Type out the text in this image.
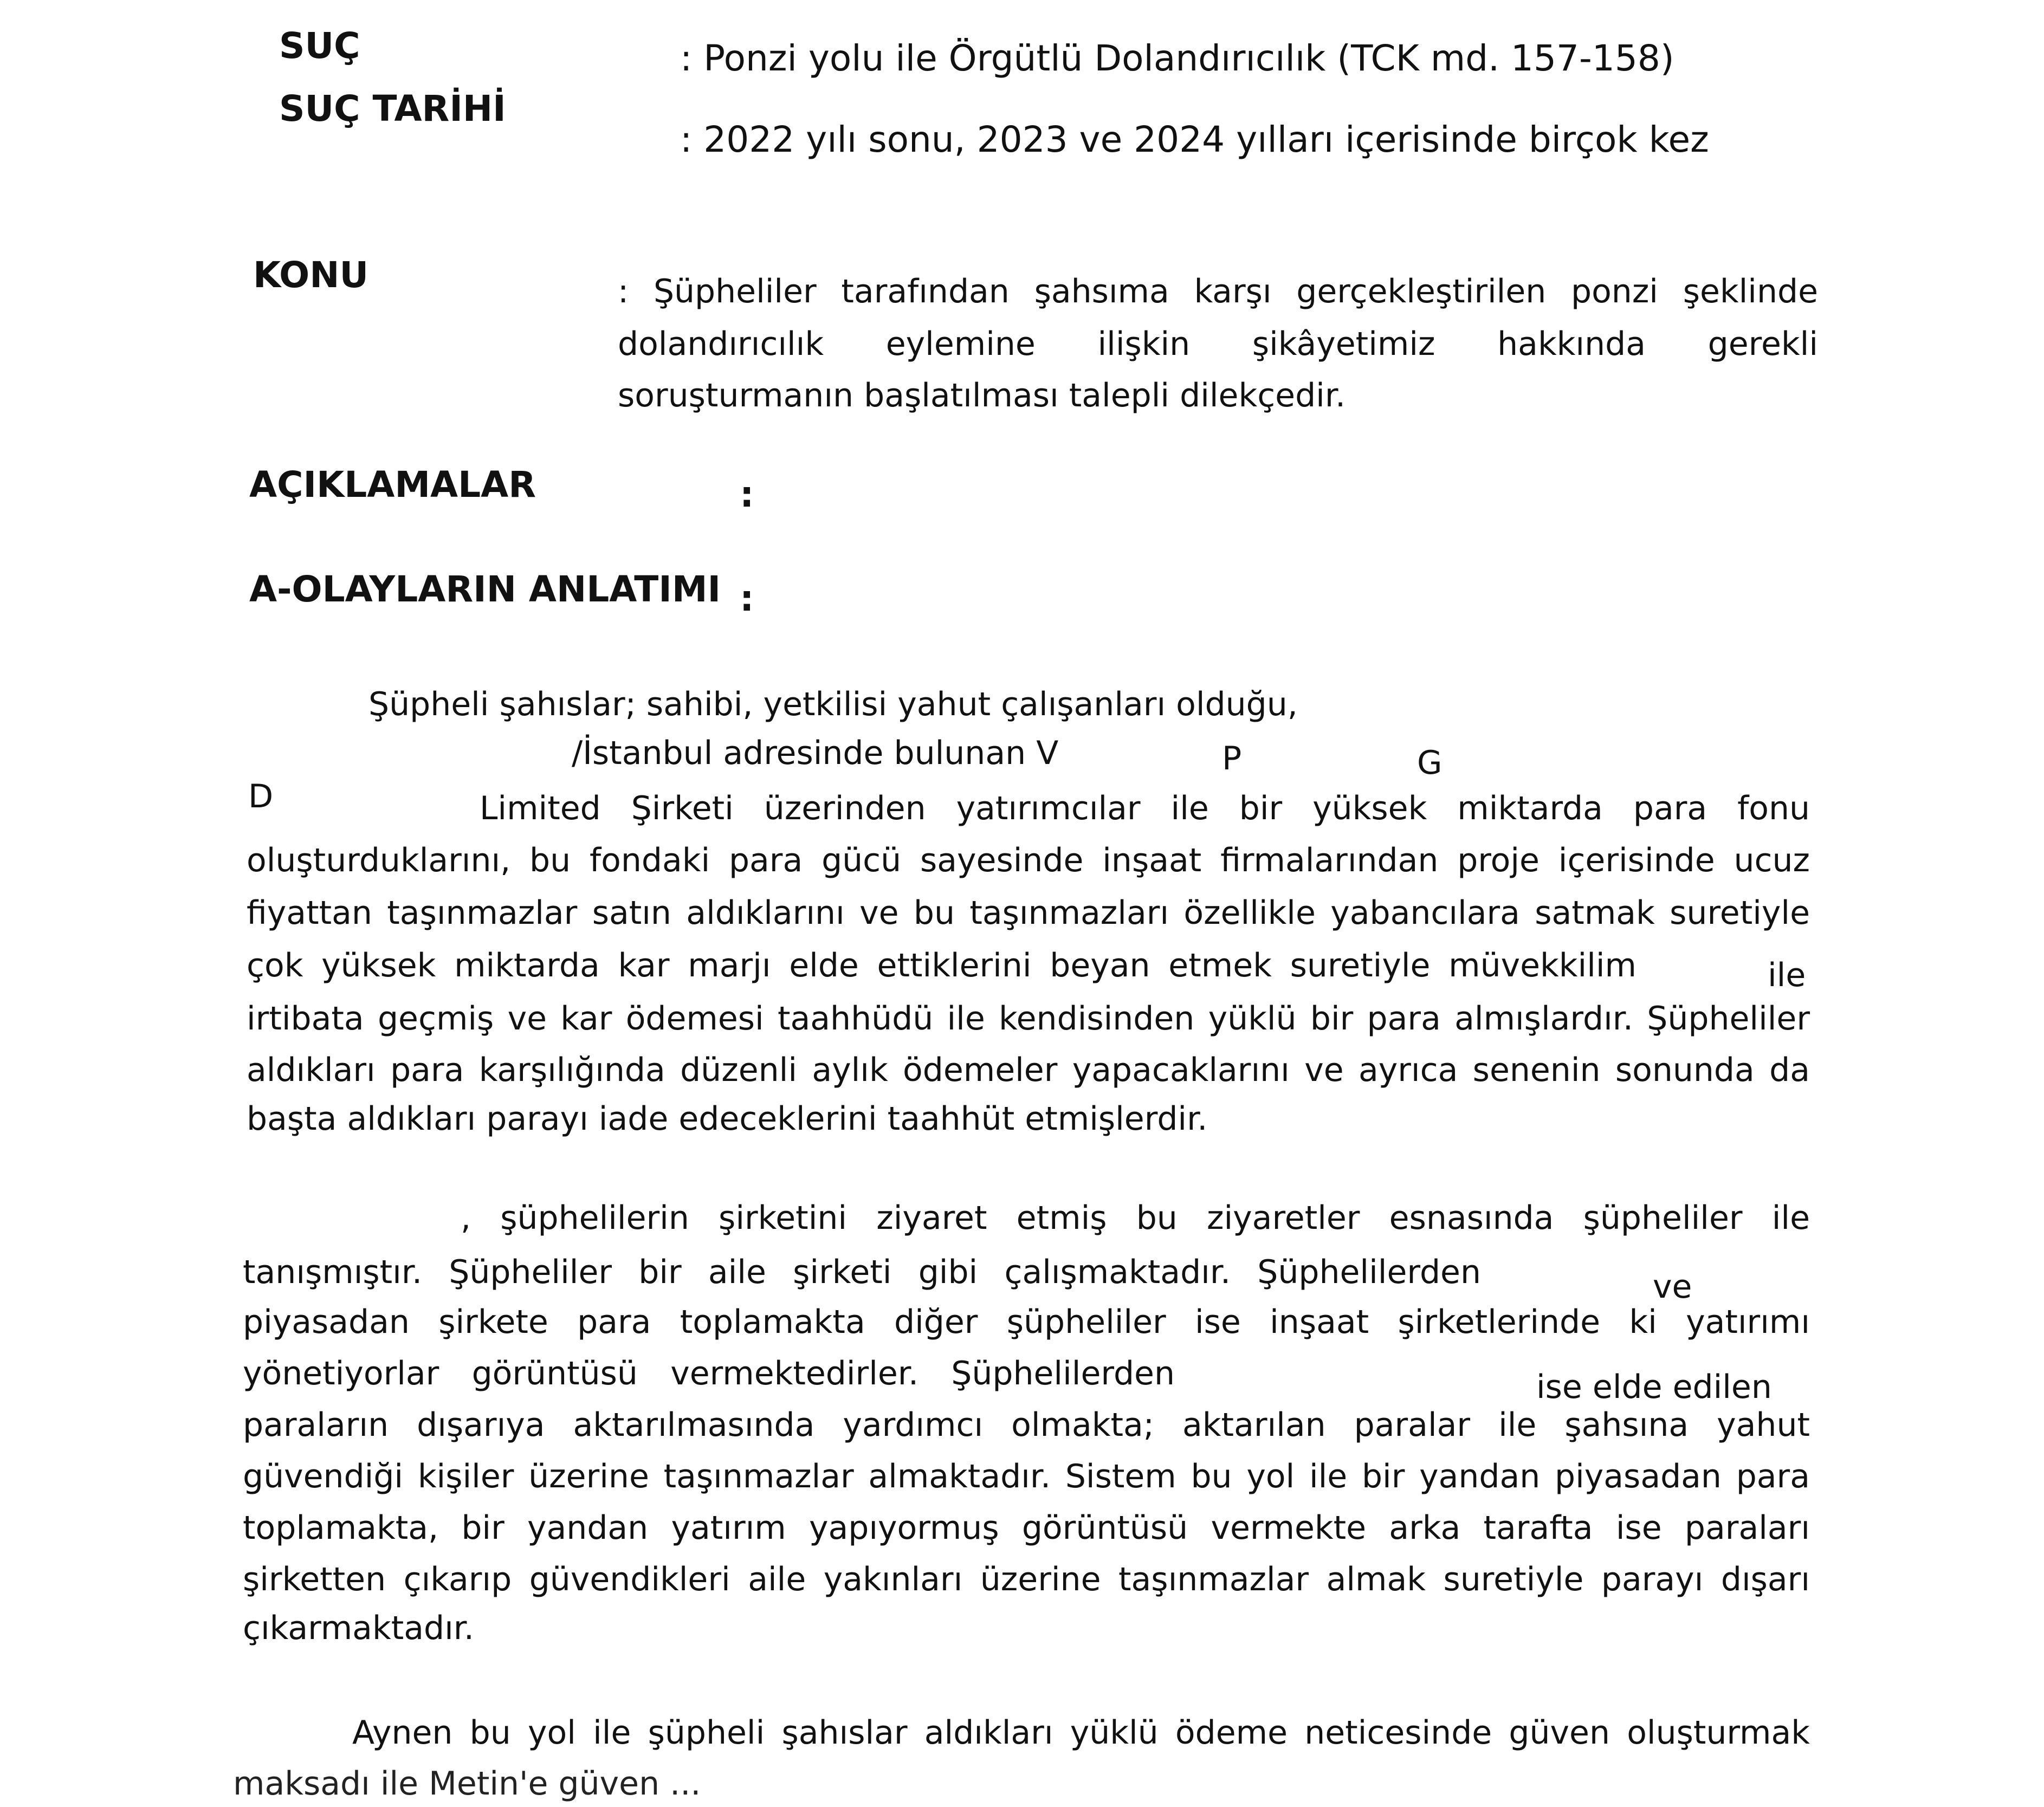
SUÇ	: Ponzi yolu ile Örgütlü Dolandırıcılık (TCK md. 157-158)
SUÇ TARİHİ
: 2022 yılı sonu, 2023 ve 2024 yılları içerisinde birçok kez
KONU	: Şüpheliler tarafından şahsıma karşı gerçekleştirilen ponzi şeklinde
dolandırıcılık eylemine ilişkin şikâyetimiz hakkında gerekli
soruşturmanın başlatılması talepli dilekçedir.
AÇIKLAMALAR	:
A-OLAYLARIN ANLATIMI :
Şüpheli şahıslar; sahibi, yetkilisi yahut çalışanları olduğu,
/İstanbul adresinde bulunan V	P	G
D	Limited Şirketi üzerinden yatırımcılar ile bir yüksek miktarda para fonu
oluşturduklarını, bu fondaki para gücü sayesinde inşaat firmalarından proje içerisinde ucuz
fiyattan taşınmazlar satın aldıklarını ve bu taşınmazları özellikle yabancılara satmak suretiyle
çok yüksek miktarda kar marjı elde ettiklerini beyan etmek suretiyle müvekkilim	ile
irtibata geçmiş ve kar ödemesi taahhüdü ile kendisinden yüklü bir para almışlardır. Şüpheliler
aldıkları para karşılığında düzenli aylık ödemeler yapacaklarını ve ayrıca senenin sonunda da
başta aldıkları parayı iade edeceklerini taahhüt etmişlerdir.
, şüphelilerin şirketini ziyaret etmiş bu ziyaretler esnasında şüpheliler ile
tanışmıştır. Şüpheliler bir aile şirketi gibi çalışmaktadır. Şüphelilerden	ve
piyasadan şirkete para toplamakta diğer şüpheliler ise inşaat şirketlerinde ki yatırımı
yönetiyorlar görüntüsü vermektedirler. Şüphelilerden	ise elde edilen
paraların dışarıya aktarılmasında yardımcı olmakta; aktarılan paralar ile şahsına yahut
güvendiği kişiler üzerine taşınmazlar almaktadır. Sistem bu yol ile bir yandan piyasadan para
toplamakta, bir yandan yatırım yapıyormuş görüntüsü vermekte arka tarafta ise paraları
şirketten çıkarıp güvendikleri aile yakınları üzerine taşınmazlar almak suretiyle parayı dışarı
çıkarmaktadır.
Aynen bu yol ile şüpheli şahıslar aldıkları yüklü ödeme neticesinde güven oluşturmak
maksadı ile Metin'e güven ...
